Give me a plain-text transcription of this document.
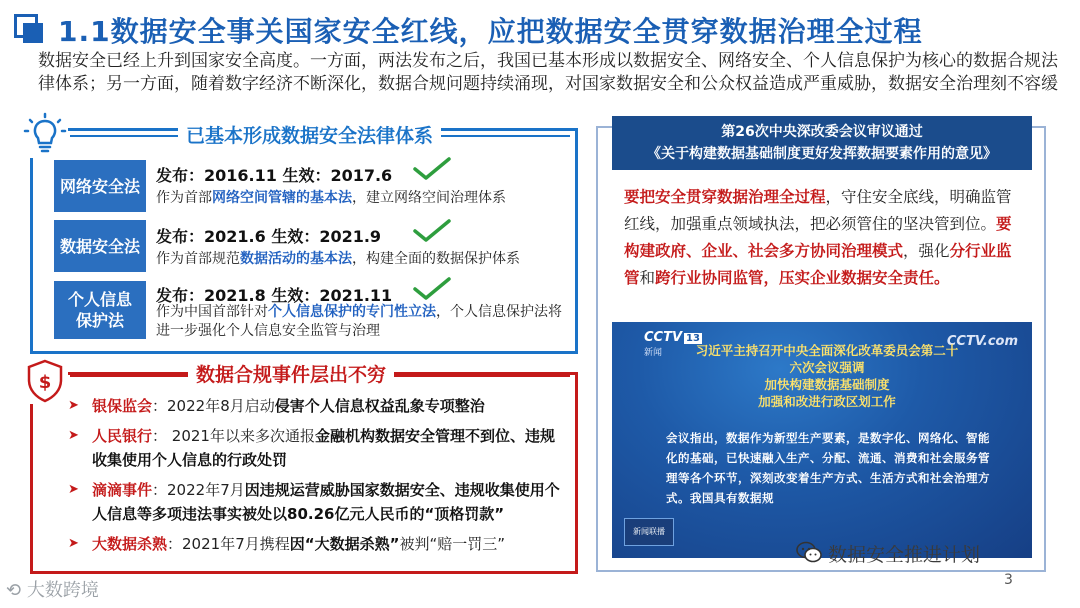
1.1数据安全事关国家安全红线，应把数据安全贯穿数据治理全过程
数据安全已经上升到国家安全高度。一方面，两法发布之后，我国已基本形成以数据安全、网络安全、个人信息保护为核心的数据合规法律体系；另一方面，随着数字经济不断深化，数据合规问题持续涌现，对国家数据安全和公众权益造成严重威胁，数据安全治理刻不容缓
已基本形成数据安全法律体系
网络安全法
发布：2016.11 生效：2017.6
作为首部网络空间管辖的基本法，建立网络空间治理体系
数据安全法	发布：2021.6 生效：2021.9
作为首部规范数据活动的基本法，构建全面的数据保护体系
个人信息
保护法
发布：2021.8 生效：2021.11
作为中国首部针对个人信息保护的专门性立法，个人信息保护法将进一步强化个人信息安全监管与治理
$	数据合规事件层出不穷
➤ 银保监会：2022年8月启动侵害个人信息权益乱象专项整治
➤ 人民银行： 2021年以来多次通报金融机构数据安全管理不到位、违规收集使用个人信息的行政处罚
➤ 滴滴事件：2022年7月因违规运营威胁国家数据安全、违规收集使用个人信息等多项违法事实被处以80.26亿元人民币的“顶格罚款”
➤ 大数据杀熟：2021年7月携程因“大数据杀熟”被判“赔一罚三”
第26次中央深改委会议审议通过
《关于构建数据基础制度更好发挥数据要素作用的意见》
要把安全贯穿数据治理全过程，守住安全底线，明确监管红线，加强重点领域执法，把必须管住的坚决管到位。要构建政府、企业、社会多方协同治理模式，强化分行业监管和跨行业协同监管，压实企业数据安全责任。
CCTV 13
新闻
CCTV.com
习近平主持召开中央全面深化改革委员会第二十六次会议强调
加快构建数据基础制度
加强和改进行政区划工作
会议指出，数据作为新型生产要素，是数字化、网络化、智能化的基础，已快速融入生产、分配、流通、消费和社会服务管理等各个环节，深刻改变着生产方式、生活方式和社会治理方式。我国具有数据规
新闻联播
⟲ 大数跨境
数据安全推进计划
3
